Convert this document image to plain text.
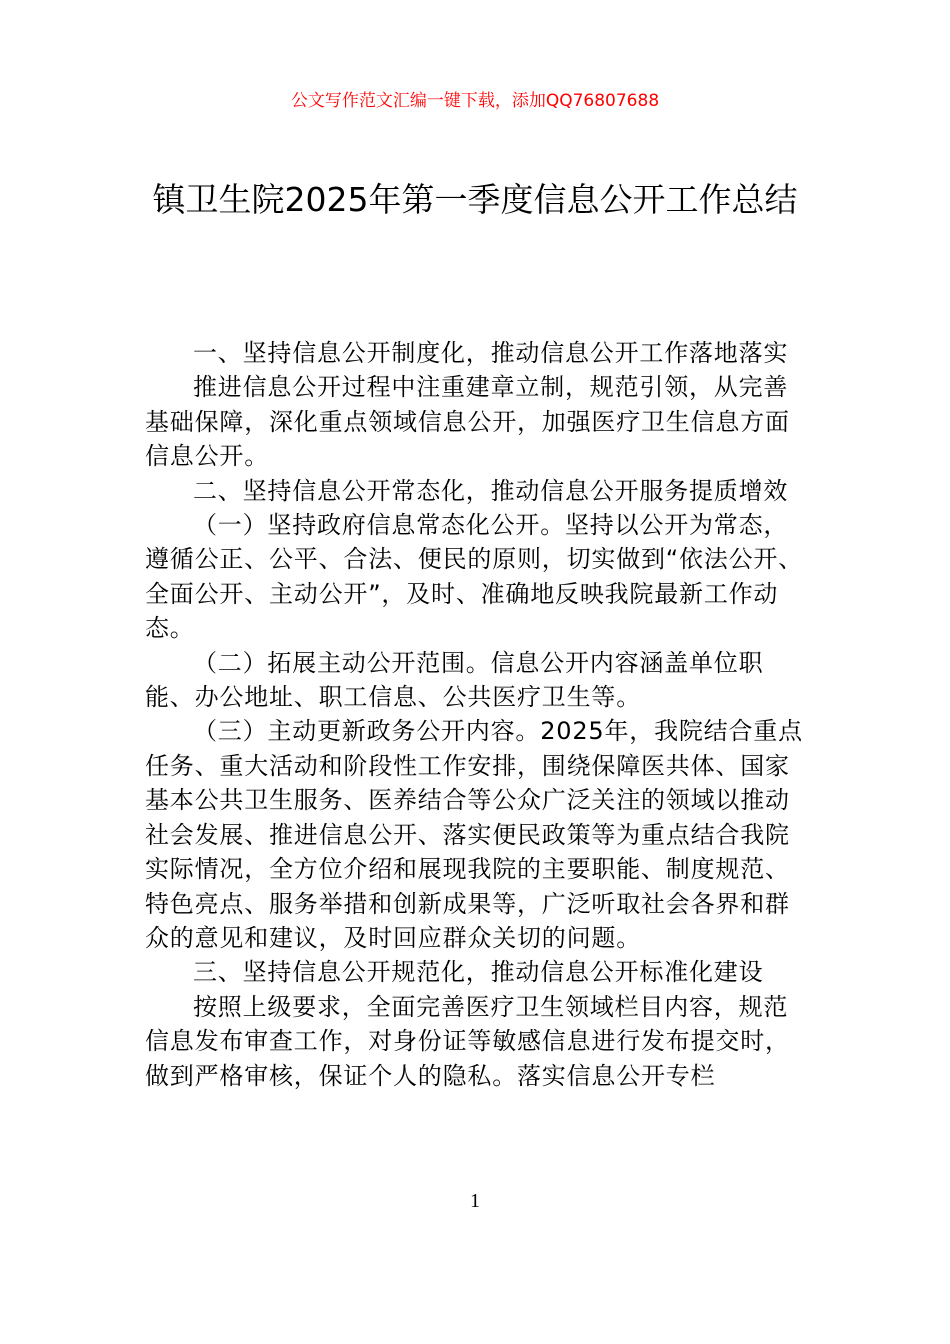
公文写作范文汇编一键下载，添加QQ76807688
镇卫生院2025年第一季度信息公开工作总结

一、坚持信息公开制度化，推动信息公开工作落地落实

推进信息公开过程中注重建章立制，规范引领，从完善基础保障，深化重点领域信息公开，加强医疗卫生信息方面信息公开。

二、坚持信息公开常态化，推动信息公开服务提质增效

（一）坚持政府信息常态化公开。坚持以公开为常态，遵循公正、公平、合法、便民的原则，切实做到“依法公开、全面公开、主动公开”，及时、准确地反映我院最新工作动态。

（二）拓展主动公开范围。信息公开内容涵盖单位职能、办公地址、职工信息、公共医疗卫生等。

（三）主动更新政务公开内容。2025年，我院结合重点任务、重大活动和阶段性工作安排，围绕保障医共体、国家基本公共卫生服务、医养结合等公众广泛关注的领域以推动社会发展、推进信息公开、落实便民政策等为重点结合我院实际情况，全方位介绍和展现我院的主要职能、制度规范、特色亮点、服务举措和创新成果等，广泛听取社会各界和群众的意见和建议，及时回应群众关切的问题。

三、坚持信息公开规范化，推动信息公开标准化建设

按照上级要求，全面完善医疗卫生领域栏目内容，规范信息发布审查工作，对身份证等敏感信息进行发布提交时，做到严格审核，保证个人的隐私。落实信息公开专栏

1
